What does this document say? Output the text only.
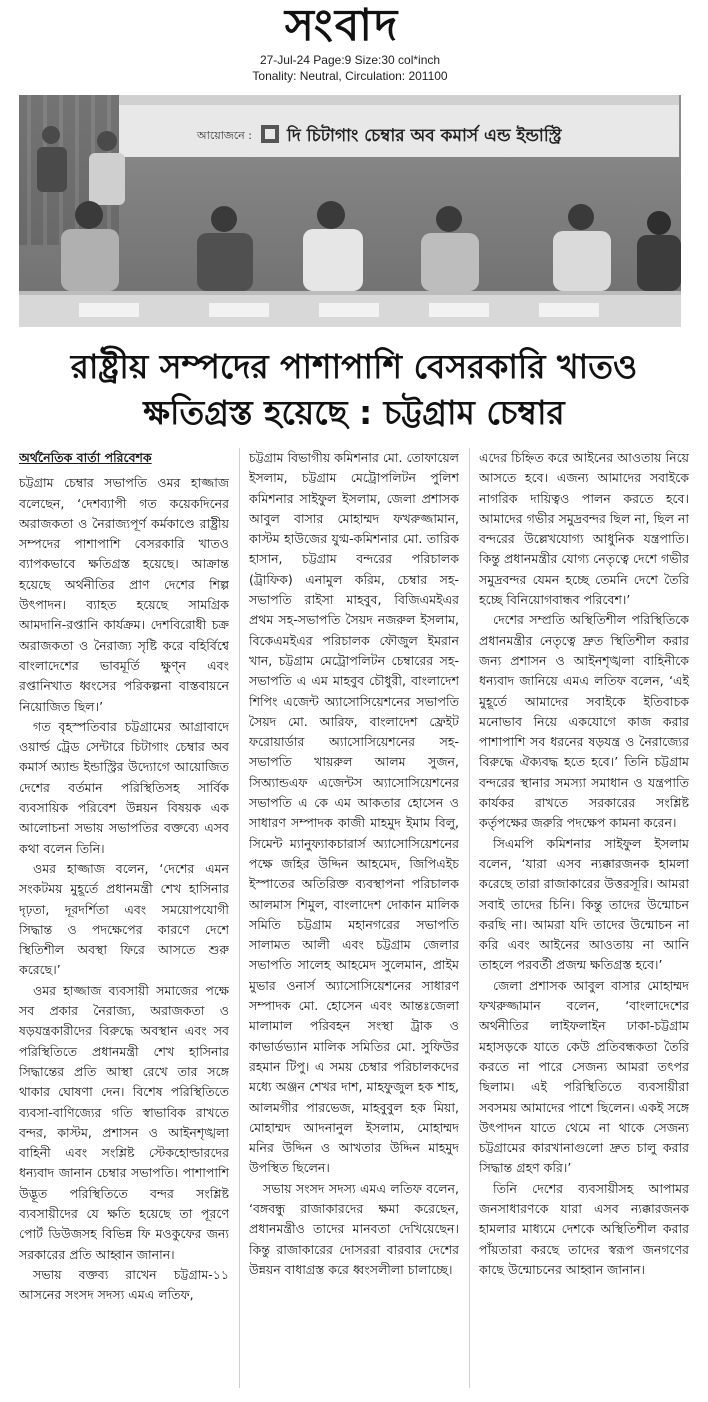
সংবাদ
27-Jul-24 Page:9 Size:30 col*inch
Tonality: Neutral, Circulation: 201100
আয়োজনে : দি চিটাগাং চেম্বার অব কমার্স এন্ড ইন্ডাস্ট্রি
রাষ্ট্রীয় সম্পদের পাশাপাশি বেসরকারি খাতও
ক্ষতিগ্রস্ত হয়েছে : চট্টগ্রাম চেম্বার
অর্থনৈতিক বার্তা পরিবেশক

চট্টগ্রাম চেম্বার সভাপতি ওমর হাজ্জাজ বলেছেন, ‘দেশব্যাপী গত কয়েকদিনের অরাজকতা ও নৈরাজ্যপূর্ণ কর্মকাণ্ডে রাষ্ট্রীয় সম্পদের পাশাপাশি বেসরকারি খাতও ব্যাপকভাবে ক্ষতিগ্রস্ত হয়েছে। আক্রান্ত হয়েছে অর্থনীতির প্রাণ দেশের শিল্প উৎপাদন। ব্যাহত হয়েছে সামগ্রিক আমদানি-রপ্তানি কার্যক্রম। দেশবিরোধী চক্র অরাজকতা ও নৈরাজ্য সৃষ্টি করে বহির্বিশ্বে বাংলাদেশের ভাবমূর্তি ক্ষুণ্ন এবং রপ্তানিখাত ধ্বংসের পরিকল্পনা বাস্তবায়নে নিয়োজিত ছিল।’

গত বৃহস্পতিবার চট্টগ্রামের আগ্রাবাদে ওয়ার্ল্ড ট্রেড সেন্টারে চিটাগাং চেম্বার অব কমার্স অ্যান্ড ইন্ডাস্ট্রির উদ্যোগে আয়োজিত দেশের বর্তমান পরিস্থিতিসহ সার্বিক ব্যবসায়িক পরিবেশ উন্নয়ন বিষয়ক এক আলোচনা সভায় সভাপতির বক্তব্যে এসব কথা বলেন তিনি।

ওমর হাজ্জাজ বলেন, ‘দেশের এমন সংকটময় মুহূর্তে প্রধানমন্ত্রী শেখ হাসিনার দৃঢ়তা, দূরদর্শিতা এবং সময়োপযোগী সিদ্ধান্ত ও পদক্ষেপের কারণে দেশে স্থিতিশীল অবস্থা ফিরে আসতে শুরু করেছে।’

ওমর হাজ্জাজ ব্যবসায়ী সমাজের পক্ষে সব প্রকার নৈরাজ্য, অরাজকতা ও ষড়যন্ত্রকারীদের বিরুদ্ধে অবস্থান এবং সব পরিস্থিতিতে প্রধানমন্ত্রী শেখ হাসিনার সিদ্ধান্তের প্রতি আস্থা রেখে তার সঙ্গে থাকার ঘোষণা দেন। বিশেষ পরিস্থিতিতে ব্যবসা-বাণিজ্যের গতি স্বাভাবিক রাখতে বন্দর, কাস্টম, প্রশাসন ও আইনশৃঙ্খলা বাহিনী এবং সংশ্লিষ্ট স্টেকহোল্ডারদের ধন্যবাদ জানান চেম্বার সভাপতি। পাশাপাশি উদ্ভূত পরিস্থিতিতে বন্দর সংশ্লিষ্ট ব্যবসায়ীদের যে ক্ষতি হয়েছে তা পূরণে পোর্ট ডিউজসহ বিভিন্ন ফি মওকুফের জন্য সরকারের প্রতি আহ্বান জানান।

সভায় বক্তব্য রাখেন চট্টগ্রাম-১১ আসনের সংসদ সদস্য এমএ লতিফ,

চট্টগ্রাম বিভাগীয় কমিশনার মো. তোফায়েল ইসলাম, চট্টগ্রাম মেট্রোপলিটন পুলিশ কমিশনার সাইফুল ইসলাম, জেলা প্রশাসক আবুল বাসার মোহাম্মদ ফখরুজ্জামান, কাস্টম হাউজের যুগ্ম-কমিশনার মো. তারিক হাসান, চট্টগ্রাম বন্দরের পরিচালক (ট্রাফিক) এনামুল করিম, চেম্বার সহ-সভাপতি রাইসা মাহবুব, বিজিএমইএর প্রথম সহ-সভাপতি সৈয়দ নজরুল ইসলাম, বিকেএমইএর পরিচালক ফৌজুল ইমরান খান, চট্টগ্রাম মেট্রোপলিটন চেম্বারের সহ-সভাপতি এ এম মাহবুব চৌধুরী, বাংলাদেশ শিপিং এজেন্ট অ্যাসোসিয়েশনের সভাপতি সৈয়দ মো. আরিফ, বাংলাদেশ ফ্রেইট ফরোয়ার্ডার অ্যাসোসিয়েশনের সহ-সভাপতি খায়রুল আলম সুজন, সিঅ্যান্ডএফ এজেন্টস অ্যাসোসিয়েশনের সভাপতি এ কে এম আকতার হোসেন ও সাধারণ সম্পাদক কাজী মাহমুদ ইমাম বিলু, সিমেন্ট ম্যানুফ্যাকচারার্স অ্যাসোসিয়েশনের পক্ষে জহির উদ্দিন আহমেদ, জিপিএইচ ইস্পাতের অতিরিক্ত ব্যবস্থাপনা পরিচালক আলমাস শিমুল, বাংলাদেশ দোকান মালিক সমিতি চট্টগ্রাম মহানগরের সভাপতি সালামত আলী এবং চট্টগ্রাম জেলার সভাপতি সালেহ আহমেদ সুলেমান, প্রাইম মুভার ওনার্স অ্যাসোসিয়েশনের সাধারণ সম্পাদক মো. হোসেন এবং আন্তঃজেলা মালামাল পরিবহন সংস্থা ট্রাক ও কাভার্ডভ্যান মালিক সমিতির মো. সুফিউর রহমান টিপু। এ সময় চেম্বার পরিচালকদের মধ্যে অঞ্জন শেখর দাশ, মাহফুজুল হক শাহ, আলমগীর পারভেজ, মাহবুবুল হক মিয়া, মোহাম্মদ আদনানুল ইসলাম, মোহাম্মদ মনির উদ্দিন ও আখতার উদ্দিন মাহমুদ উপস্থিত ছিলেন।

সভায় সংসদ সদস্য এমএ লতিফ বলেন, ‘বঙ্গবন্ধু রাজাকারদের ক্ষমা করেছেন, প্রধানমন্ত্রীও তাদের মানবতা দেখিয়েছেন। কিন্তু রাজাকারের দোসররা বারবার দেশের উন্নয়ন বাধাগ্রস্ত করে ধ্বংসলীলা চালাচ্ছে।

এদের চিহ্নিত করে আইনের আওতায় নিয়ে আসতে হবে। এজন্য আমাদের সবাইকে নাগরিক দায়িত্বও পালন করতে হবে। আমাদের গভীর সমুদ্রবন্দর ছিল না, ছিল না বন্দরের উল্লেখযোগ্য আধুনিক যন্ত্রপাতি। কিন্তু প্রধানমন্ত্রীর যোগ্য নেতৃত্বে দেশে গভীর সমুদ্রবন্দর যেমন হচ্ছে তেমনি দেশে তৈরি হচ্ছে বিনিয়োগবান্ধব পরিবেশ।’

দেশের সম্প্রতি অস্থিতিশীল পরিস্থিতিকে প্রধানমন্ত্রীর নেতৃত্বে দ্রুত স্থিতিশীল করার জন্য প্রশাসন ও আইনশৃঙ্খলা বাহিনীকে ধন্যবাদ জানিয়ে এমএ লতিফ বলেন, ‘এই মুহূর্তে আমাদের সবাইকে ইতিবাচক মনোভাব নিয়ে একযোগে কাজ করার পাশাপাশি সব ধরনের ষড়যন্ত্র ও নৈরাজ্যের বিরুদ্ধে ঐক্যবদ্ধ হতে হবে।’ তিনি চট্টগ্রাম বন্দরের স্থানার সমস্যা সমাধান ও যন্ত্রপাতি কার্যকর রাখতে সরকারের সংশ্লিষ্ট কর্তৃপক্ষের জরুরি পদক্ষেপ কামনা করেন।

সিএমপি কমিশনার সাইফুল ইসলাম বলেন, ‘যারা এসব ন্যক্কারজনক হামলা করেছে তারা রাজাকারের উত্তরসূরি। আমরা সবাই তাদের চিনি। কিন্তু তাদের উন্মোচন করছি না। আমরা যদি তাদের উন্মোচন না করি এবং আইনের আওতায় না আনি তাহলে পরবর্তী প্রজন্ম ক্ষতিগ্রস্ত হবে।’

জেলা প্রশাসক আবুল বাসার মোহাম্মদ ফখরুজ্জামান বলেন, ‘বাংলাদেশের অর্থনীতির লাইফলাইন ঢাকা-চট্টগ্রাম মহাসড়কে যাতে কেউ প্রতিবন্ধকতা তৈরি করতে না পারে সেজন্য আমরা তৎপর ছিলাম। এই পরিস্থিতিতে ব্যবসায়ীরা সবসময় আমাদের পাশে ছিলেন। একই সঙ্গে উৎপাদন যাতে থেমে না থাকে সেজন্য চট্টগ্রামের কারখানাগুলো দ্রুত চালু করার সিদ্ধান্ত গ্রহণ করি।’

তিনি দেশের ব্যবসায়ীসহ আপামর জনসাধারণকে যারা এসব ন্যক্কারজনক হামলার মাধ্যমে দেশকে অস্থিতিশীল করার পাঁয়তারা করছে তাদের স্বরূপ জনগণের কাছে উন্মোচনের আহ্বান জানান।
